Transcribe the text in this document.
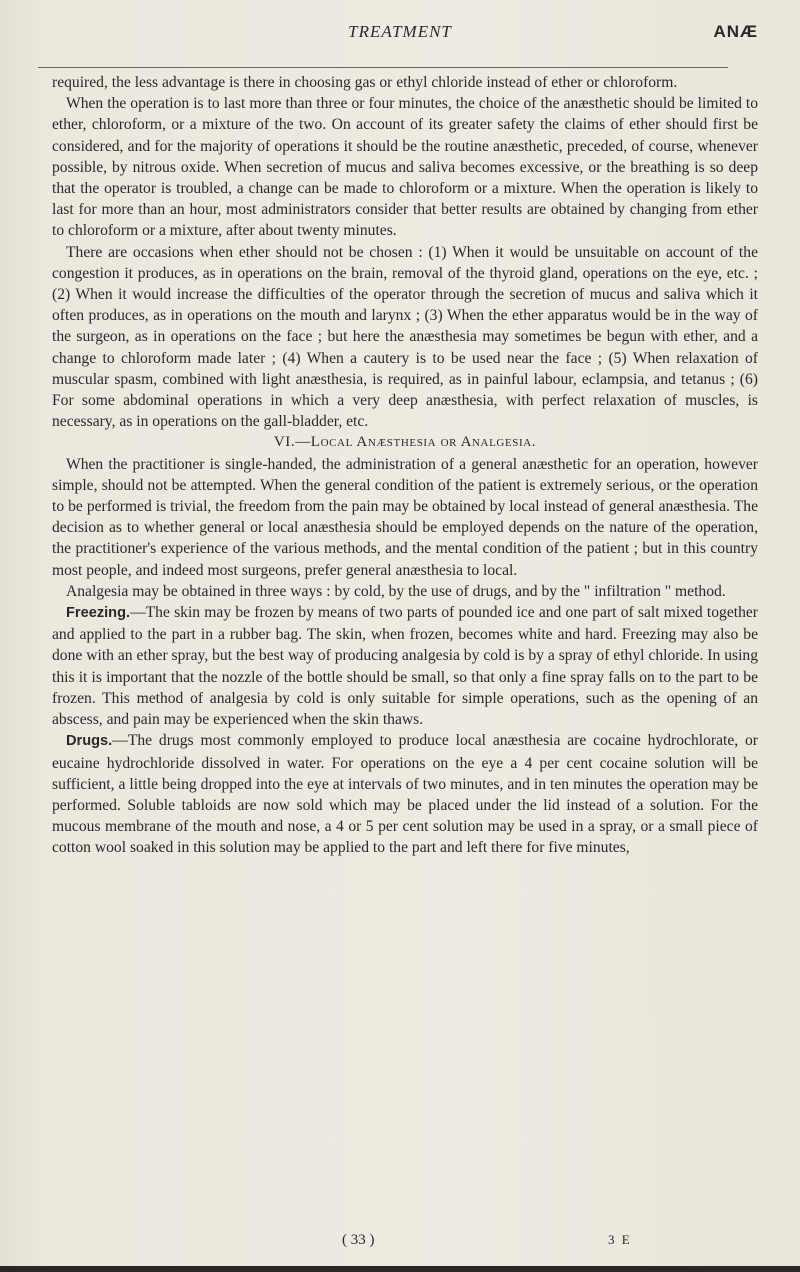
TREATMENT	ANÆ

required, the less advantage is there in choosing gas or ethyl chloride instead of ether or chloroform.

When the operation is to last more than three or four minutes, the choice of the anæsthetic should be limited to ether, chloroform, or a mixture of the two. On account of its greater safety the claims of ether should first be considered, and for the majority of operations it should be the routine anæsthetic, preceded, of course, whenever possible, by nitrous oxide. When secretion of mucus and saliva becomes excessive, or the breathing is so deep that the operator is troubled, a change can be made to chloroform or a mixture. When the operation is likely to last for more than an hour, most administrators consider that better results are obtained by changing from ether to chloroform or a mixture, after about twenty minutes.

There are occasions when ether should not be chosen : (1) When it would be unsuitable on account of the congestion it produces, as in operations on the brain, removal of the thyroid gland, operations on the eye, etc. ; (2) When it would increase the difficulties of the operator through the secretion of mucus and saliva which it often produces, as in operations on the mouth and larynx ; (3) When the ether apparatus would be in the way of the surgeon, as in operations on the face ; but here the anæsthesia may sometimes be begun with ether, and a change to chloroform made later ; (4) When a cautery is to be used near the face ; (5) When relaxation of muscular spasm, combined with light anæsthesia, is required, as in painful labour, eclampsia, and tetanus ; (6) For some abdominal operations in which a very deep anæsthesia, with perfect relaxation of muscles, is necessary, as in operations on the gall-bladder, etc.

VI.—Local Anæsthesia or Analgesia.

When the practitioner is single-handed, the administration of a general anæsthetic for an operation, however simple, should not be attempted. When the general condition of the patient is extremely serious, or the operation to be performed is trivial, the freedom from the pain may be obtained by local instead of general anæsthesia. The decision as to whether general or local anæsthesia should be employed depends on the nature of the operation, the practitioner's experience of the various methods, and the mental condition of the patient ; but in this country most people, and indeed most surgeons, prefer general anæsthesia to local.

Analgesia may be obtained in three ways : by cold, by the use of drugs, and by the " infiltration " method.

Freezing.—The skin may be frozen by means of two parts of pounded ice and one part of salt mixed together and applied to the part in a rubber bag. The skin, when frozen, becomes white and hard. Freezing may also be done with an ether spray, but the best way of producing analgesia by cold is by a spray of ethyl chloride. In using this it is important that the nozzle of the bottle should be small, so that only a fine spray falls on to the part to be frozen. This method of analgesia by cold is only suitable for simple operations, such as the opening of an abscess, and pain may be experienced when the skin thaws.

Drugs.—The drugs most commonly employed to produce local anæsthesia are cocaine hydrochlorate, or eucaine hydrochloride dissolved in water. For operations on the eye a 4 per cent cocaine solution will be sufficient, a little being dropped into the eye at intervals of two minutes, and in ten minutes the operation may be performed. Soluble tabloids are now sold which may be placed under the lid instead of a solution. For the mucous membrane of the mouth and nose, a 4 or 5 per cent solution may be used in a spray, or a small piece of cotton wool soaked in this solution may be applied to the part and left there for five minutes,

( 33 )	3 E
